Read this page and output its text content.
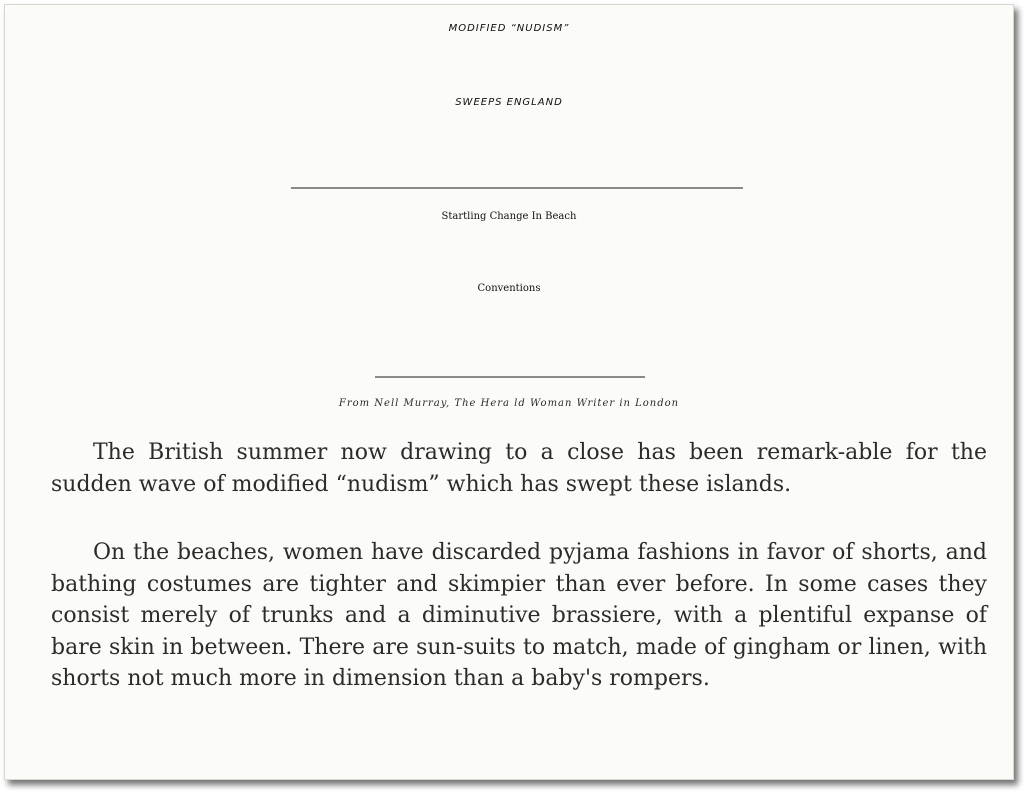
MODIFIED “NUDISM”
SWEEPS ENGLAND
Startling Change In Beach
Conventions
From Nell Murray, The Hera ld Woman Writer in London

The British summer now drawing to a close has been remark-able for the sudden wave of modified “nudism” which has swept these islands.

On the beaches, women have discarded pyjama fashions in favor of shorts, and bathing costumes are tighter and skimpier than ever before. In some cases they consist merely of trunks and a diminutive brassiere, with a plentiful expanse of bare skin in between. There are sun-suits to match, made of gingham or linen, with shorts not much more in dimension than a baby's rompers.
